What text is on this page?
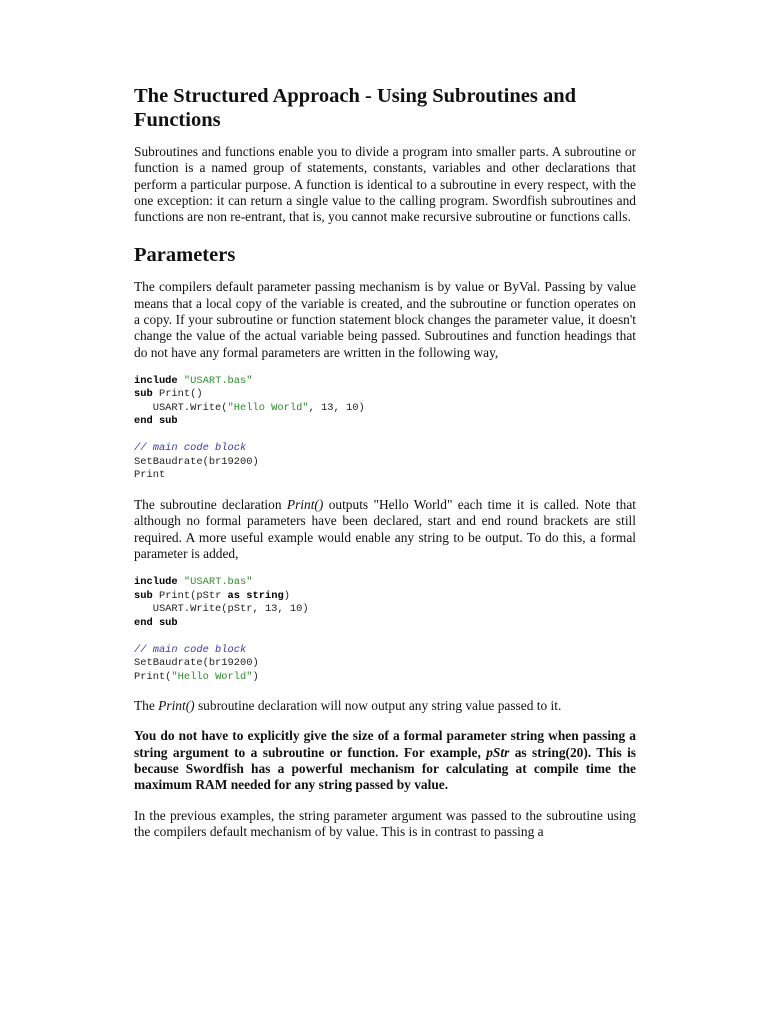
The Structured Approach - Using Subroutines and Functions

Subroutines and functions enable you to divide a program into smaller parts. A subroutine or function is a named group of statements, constants, variables and other declarations that perform a particular purpose. A function is identical to a subroutine in every respect, with the one exception: it can return a single value to the calling program. Swordfish subroutines and functions are non re-entrant, that is, you cannot make recursive subroutine or functions calls.

Parameters

The compilers default parameter passing mechanism is by value or ByVal. Passing by value means that a local copy of the variable is created, and the subroutine or function operates on a copy. If your subroutine or function statement block changes the parameter value, it doesn't change the value of the actual variable being passed. Subroutines and function headings that do not have any formal parameters are written in the following way,

include "USART.bas"
sub Print()
USART.Write("Hello World", 13, 10)
end sub
// main code block
SetBaudrate(br19200)
Print

The subroutine declaration Print() outputs "Hello World" each time it is called. Note that although no formal parameters have been declared, start and end round brackets are still required. A more useful example would enable any string to be output. To do this, a formal parameter is added,

include "USART.bas"
sub Print(pStr as string)
USART.Write(pStr, 13, 10)
end sub
// main code block
SetBaudrate(br19200)
Print("Hello World")

The Print() subroutine declaration will now output any string value passed to it.

You do not have to explicitly give the size of a formal parameter string when passing a string argument to a subroutine or function. For example, pStr as string(20). This is because Swordfish has a powerful mechanism for calculating at compile time the maximum RAM needed for any string passed by value.

In the previous examples, the string parameter argument was passed to the subroutine using the compilers default mechanism of by value. This is in contrast to passing a
